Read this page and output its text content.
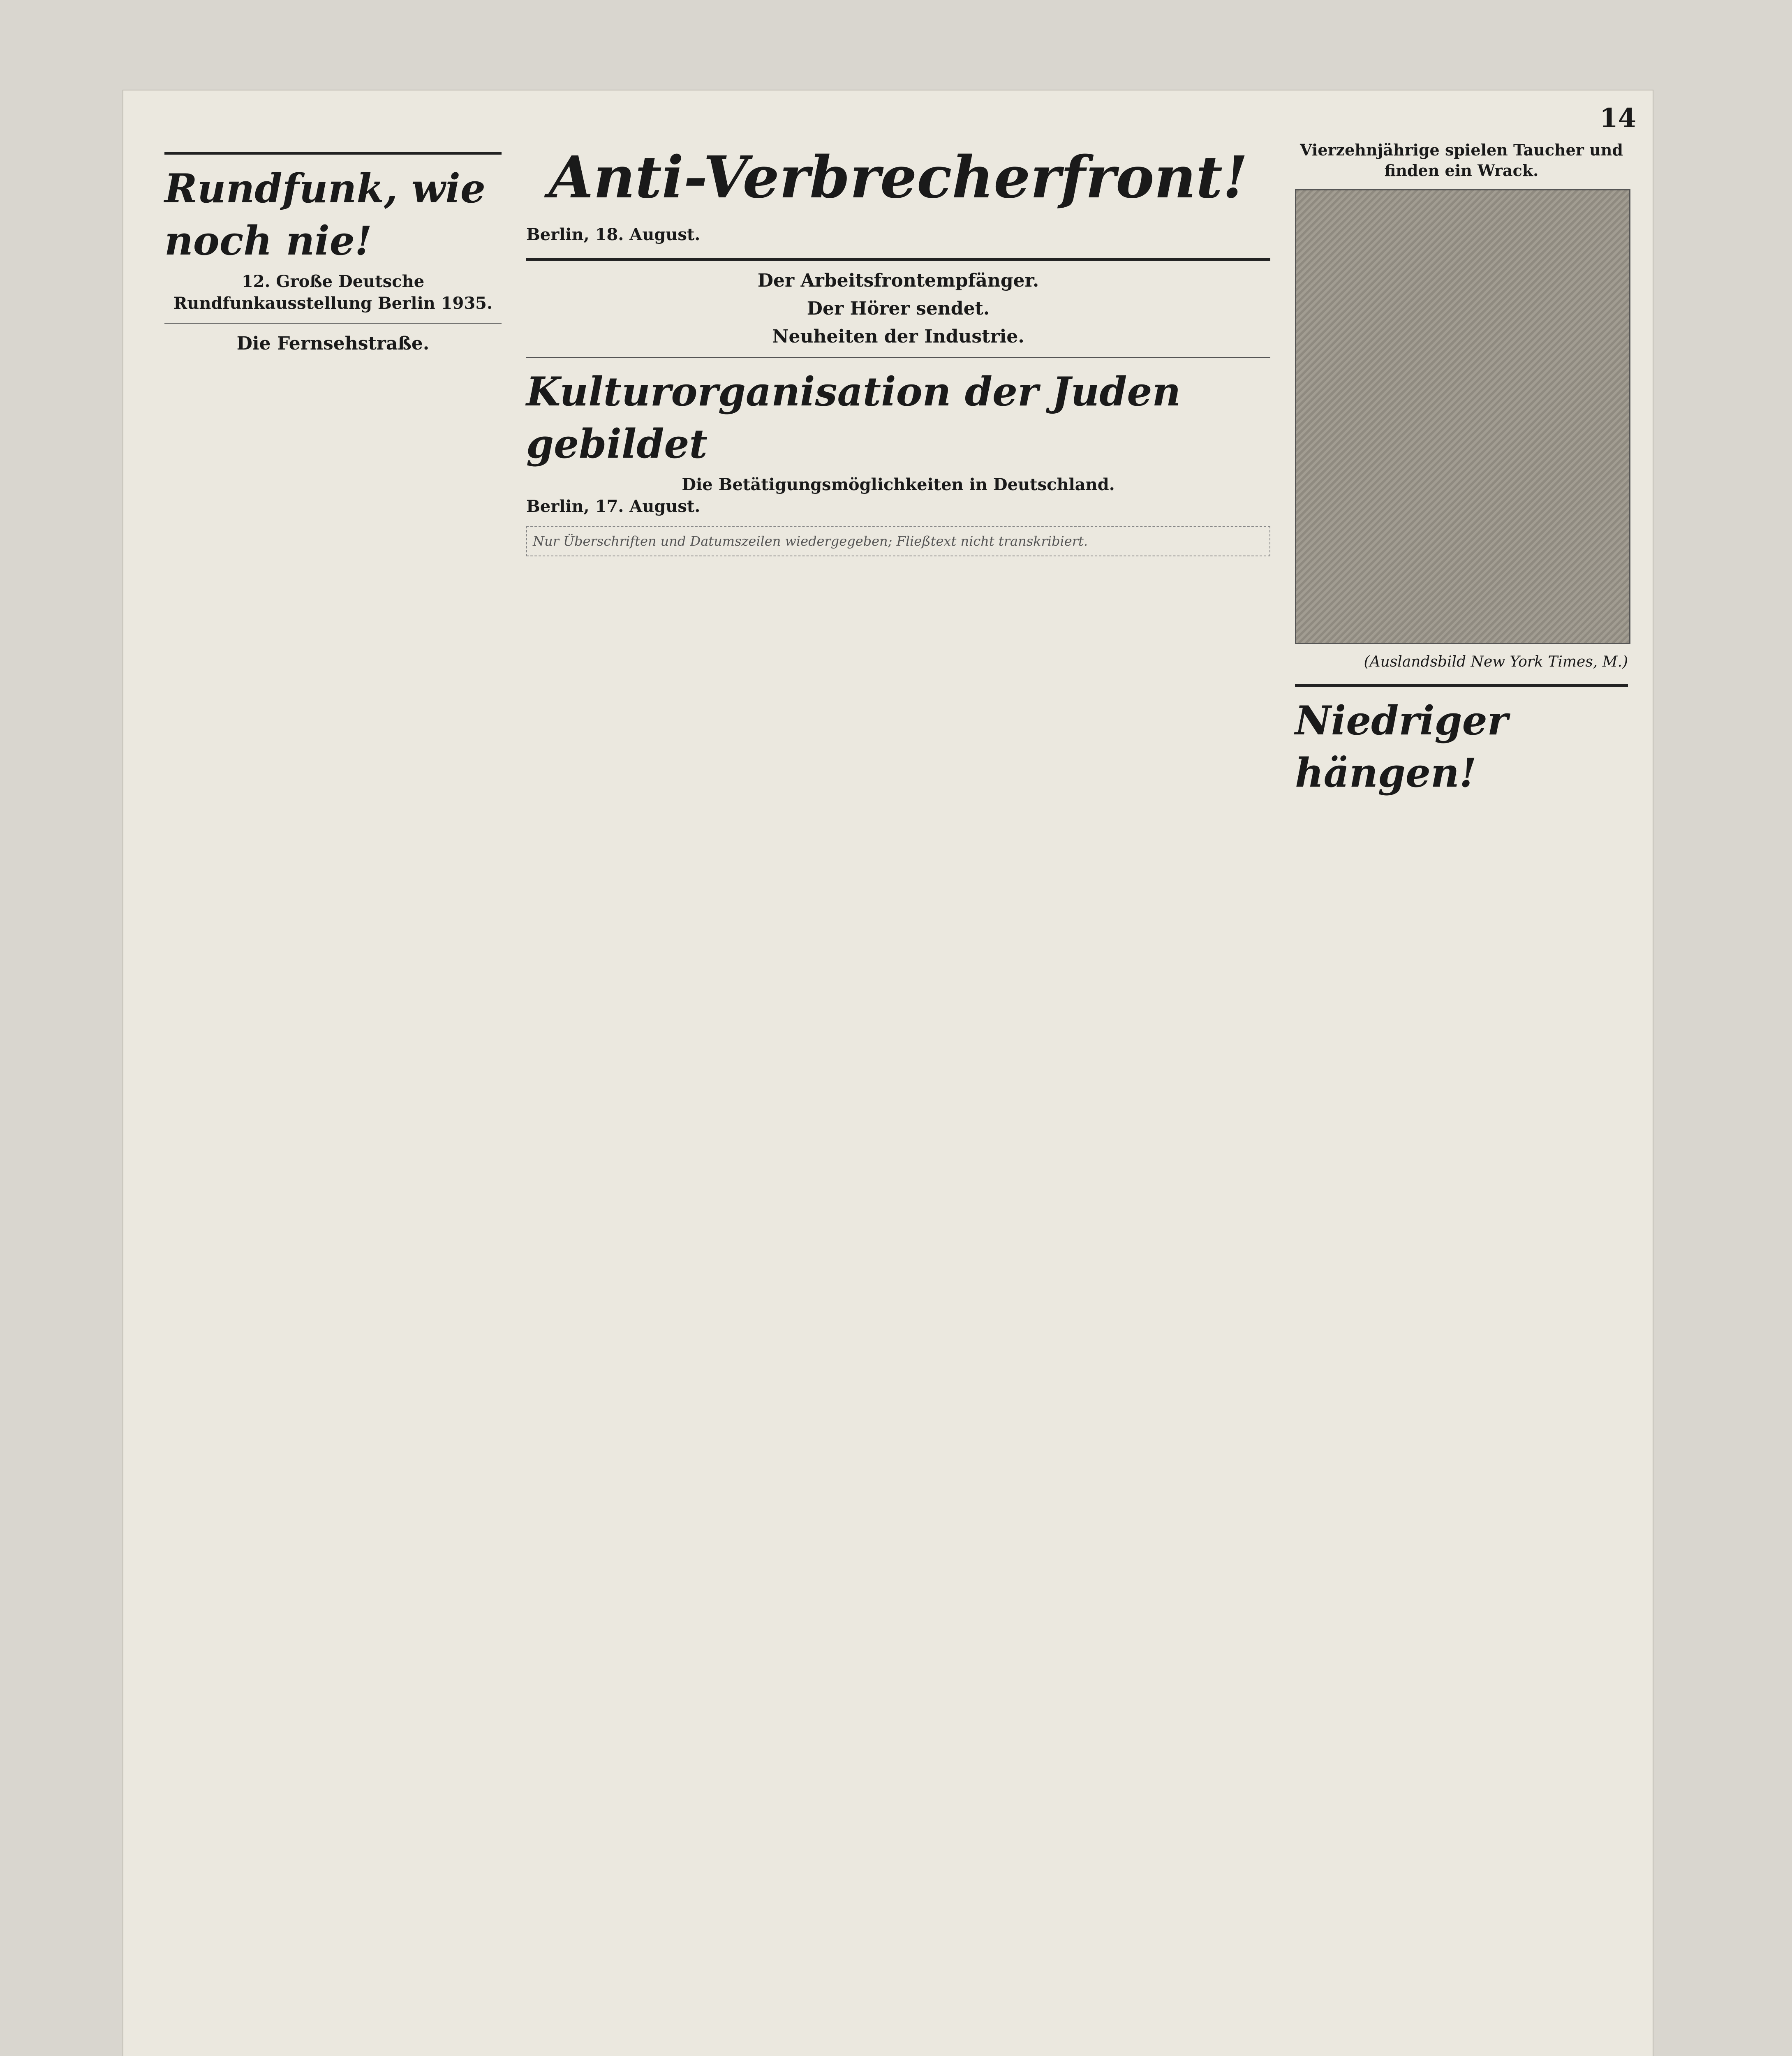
14
Rundfunk, wie noch nie!
12. Große Deutsche Rundfunkausstellung Berlin 1935.
Die Fernsehstraße.
Anti-Verbrecherfront!

Berlin, 18. August.

Der Arbeitsfrontempfänger.
Der Hörer sendet.
Neuheiten der Industrie.
Kulturorganisation der Juden gebildet
Die Betätigungsmöglichkeiten in Deutschland.

Berlin, 17. August.

Nur Überschriften und Datumszeilen wiedergegeben; Fließtext nicht transkribiert.
Vierzehnjährige spielen Taucher und finden ein Wrack.
(Auslandsbild New York Times, M.)
Niedriger hängen!
